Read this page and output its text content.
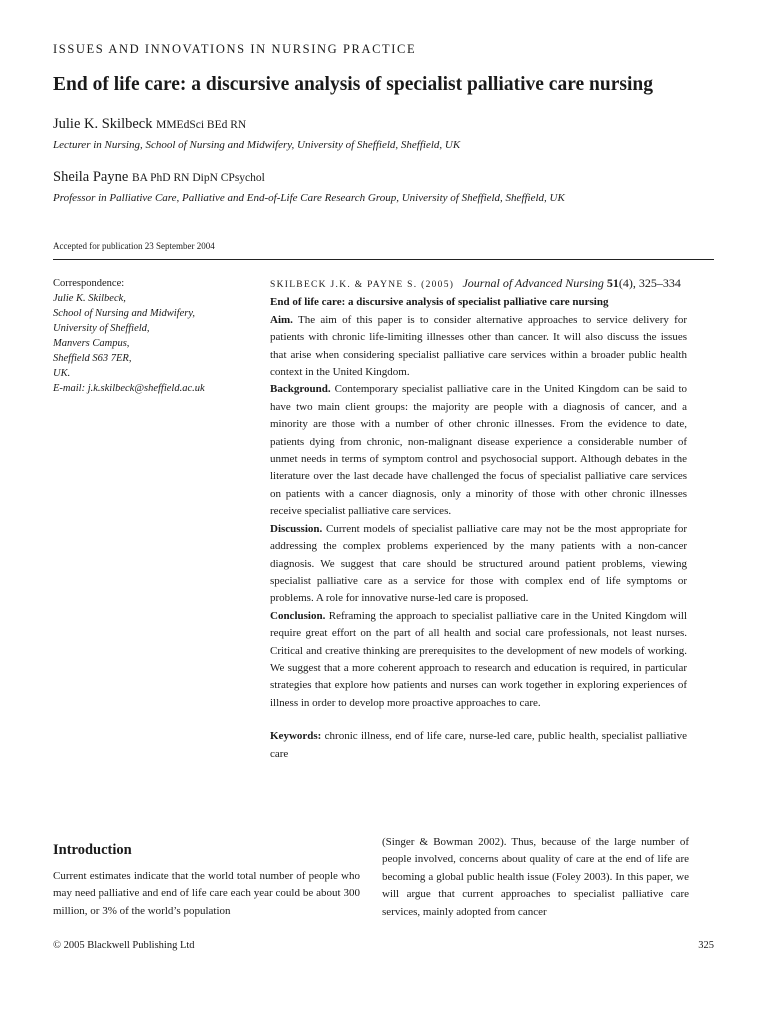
ISSUES AND INNOVATIONS IN NURSING PRACTICE
End of life care: a discursive analysis of specialist palliative care nursing
Julie K. Skilbeck MMEdSci BEd RN
Lecturer in Nursing, School of Nursing and Midwifery, University of Sheffield, Sheffield, UK
Sheila Payne BA PhD RN DipN CPsychol
Professor in Palliative Care, Palliative and End-of-Life Care Research Group, University of Sheffield, Sheffield, UK
Accepted for publication 23 September 2004
Correspondence:
Julie K. Skilbeck,
School of Nursing and Midwifery,
University of Sheffield,
Manvers Campus,
Sheffield S63 7ER,
UK.
E-mail: j.k.skilbeck@sheffield.ac.uk

SKILBECK J.K. & PAYNE S. (2005) Journal of Advanced Nursing 51(4), 325–334

End of life care: a discursive analysis of specialist palliative care nursing

Aim. The aim of this paper is to consider alternative approaches to service delivery for patients with chronic life-limiting illnesses other than cancer. It will also discuss the issues that arise when considering specialist palliative care services within a broader public health context in the United Kingdom.

Background. Contemporary specialist palliative care in the United Kingdom can be said to have two main client groups: the majority are people with a diagnosis of cancer, and a minority are those with a number of other chronic illnesses. From the evidence to date, patients dying from chronic, non-malignant disease experience a considerable number of unmet needs in terms of symptom control and psychosocial support. Although debates in the literature over the last decade have challenged the focus of specialist palliative care services on patients with a cancer diagnosis, only a minority of those with other chronic illnesses receive specialist palliative care services.

Discussion. Current models of specialist palliative care may not be the most appropriate for addressing the complex problems experienced by the many patients with a non-cancer diagnosis. We suggest that care should be structured around patient problems, viewing specialist palliative care as a service for those with complex end of life symptoms or problems. A role for innovative nurse-led care is proposed.

Conclusion. Reframing the approach to specialist palliative care in the United Kingdom will require great effort on the part of all health and social care professionals, not least nurses. Critical and creative thinking are prerequisites to the development of new models of working. We suggest that a more coherent approach to research and education is required, in particular strategies that explore how patients and nurses can work together in exploring experiences of illness in order to develop more proactive approaches to care.

Keywords: chronic illness, end of life care, nurse-led care, public health, specialist palliative care

Introduction

Current estimates indicate that the world total number of people who may need palliative and end of life care each year could be about 300 million, or 3% of the world’s population

(Singer & Bowman 2002). Thus, because of the large number of people involved, concerns about quality of care at the end of life are becoming a global public health issue (Foley 2003). In this paper, we will argue that current approaches to specialist palliative care services, mainly adopted from cancer

© 2005 Blackwell Publishing Ltd	325
